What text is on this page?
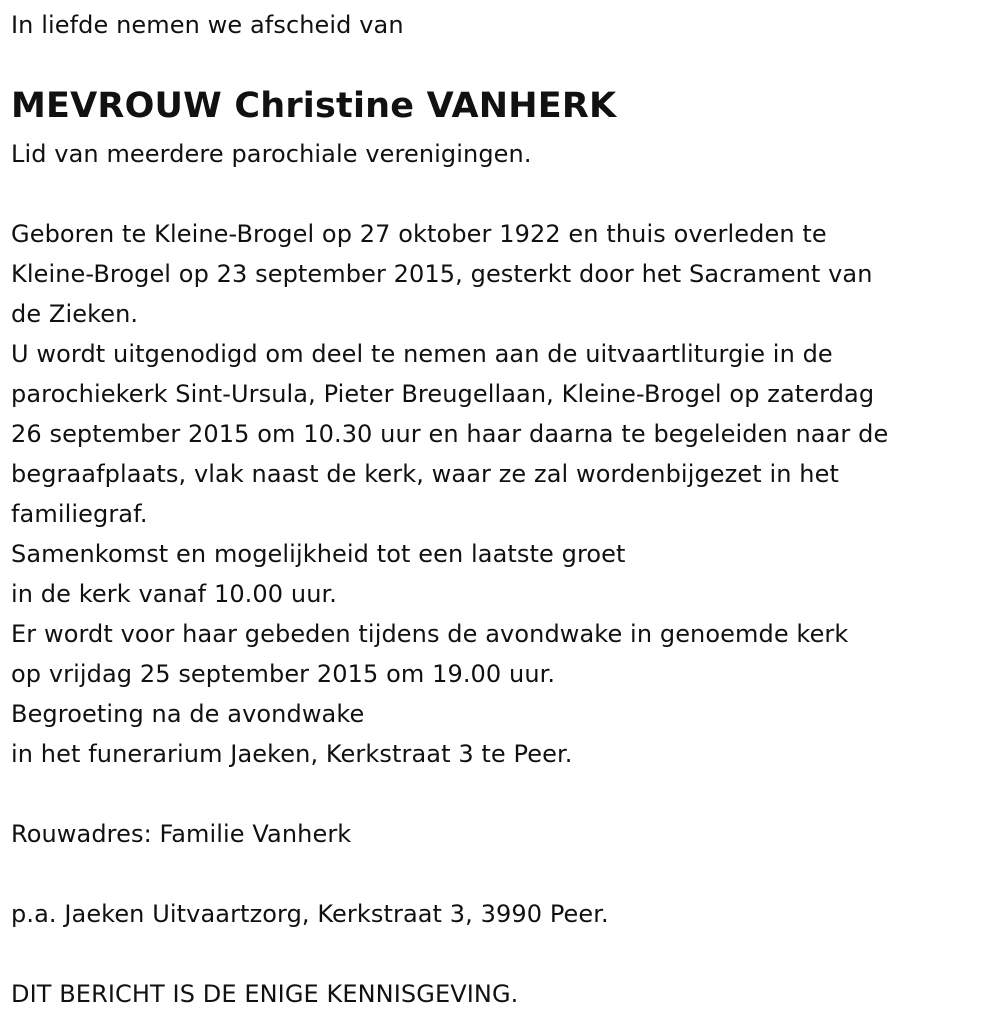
In liefde nemen we afscheid van
MEVROUW Christine VANHERK
Lid van meerdere parochiale verenigingen.
Geboren te Kleine-Brogel op 27 oktober 1922 en thuis overleden te
Kleine-Brogel op 23 september 2015, gesterkt door het Sacrament van
de Zieken.
U wordt uitgenodigd om deel te nemen aan de uitvaartliturgie in de
parochiekerk Sint-Ursula, Pieter Breugellaan, Kleine-Brogel op zaterdag
26 september 2015 om 10.30 uur en haar daarna te begeleiden naar de
begraafplaats, vlak naast de kerk, waar ze zal wordenbijgezet in het
familiegraf.
Samenkomst en mogelijkheid tot een laatste groet
in de kerk vanaf 10.00 uur.
Er wordt voor haar gebeden tijdens de avondwake in genoemde kerk
op vrijdag 25 september 2015 om 19.00 uur.
Begroeting na de avondwake
in het funerarium Jaeken, Kerkstraat 3 te Peer.
Rouwadres: Familie Vanherk
p.a. Jaeken Uitvaartzorg, Kerkstraat 3, 3990 Peer.
DIT BERICHT IS DE ENIGE KENNISGEVING.
